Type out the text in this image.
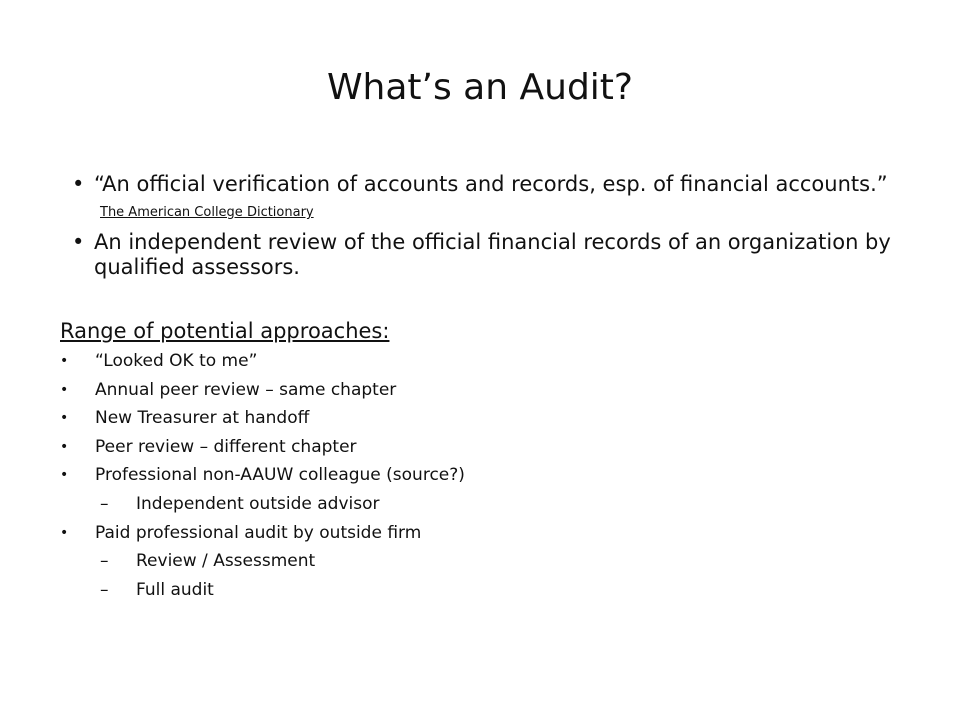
What’s an Audit?
• “An official verification of accounts and records, esp. of financial accounts.” The American College Dictionary
• An independent review of the official financial records of an organization by qualified assessors.
Range of potential approaches:
• “Looked OK to me”
• Annual peer review – same chapter
• New Treasurer at handoff
• Peer review – different chapter
• Professional non-AAUW colleague (source?)
– Independent outside advisor
• Paid professional audit by outside firm
– Review / Assessment
– Full audit
